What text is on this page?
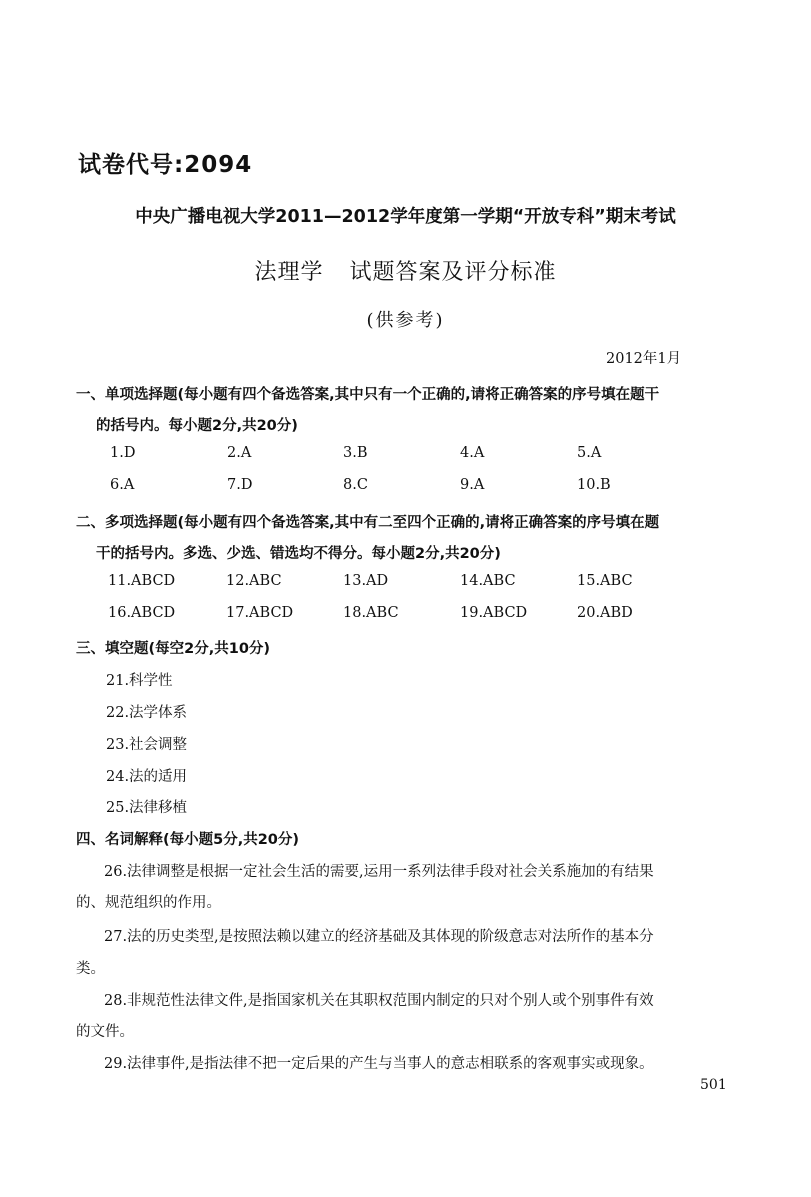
试卷代号:2094
中央广播电视大学2011—2012学年度第一学期“开放专科”期末考试
法理学 试题答案及评分标准
(供参考)
2012年1月
一、单项选择题(每小题有四个备选答案,其中只有一个正确的,请将正确答案的序号填在题干
的括号内。每小题2分,共20分)
1.D	2.A	3.B	4.A	5.A
6.A	7.D	8.C	9.A	10.B
二、多项选择题(每小题有四个备选答案,其中有二至四个正确的,请将正确答案的序号填在题
干的括号内。多选、少选、错选均不得分。每小题2分,共20分)
11.ABCD	12.ABC	13.AD	14.ABC	15.ABC
16.ABCD	17.ABCD	18.ABC	19.ABCD	20.ABD
三、填空题(每空2分,共10分)
21.科学性
22.法学体系
23.社会调整
24.法的适用
25.法律移植
四、名词解释(每小题5分,共20分)
26.法律调整是根据一定社会生活的需要,运用一系列法律手段对社会关系施加的有结果
的、规范组织的作用。
27.法的历史类型,是按照法赖以建立的经济基础及其体现的阶级意志对法所作的基本分
类。
28.非规范性法律文件,是指国家机关在其职权范围内制定的只对个别人或个别事件有效
的文件。
29.法律事件,是指法律不把一定后果的产生与当事人的意志相联系的客观事实或现象。
501
